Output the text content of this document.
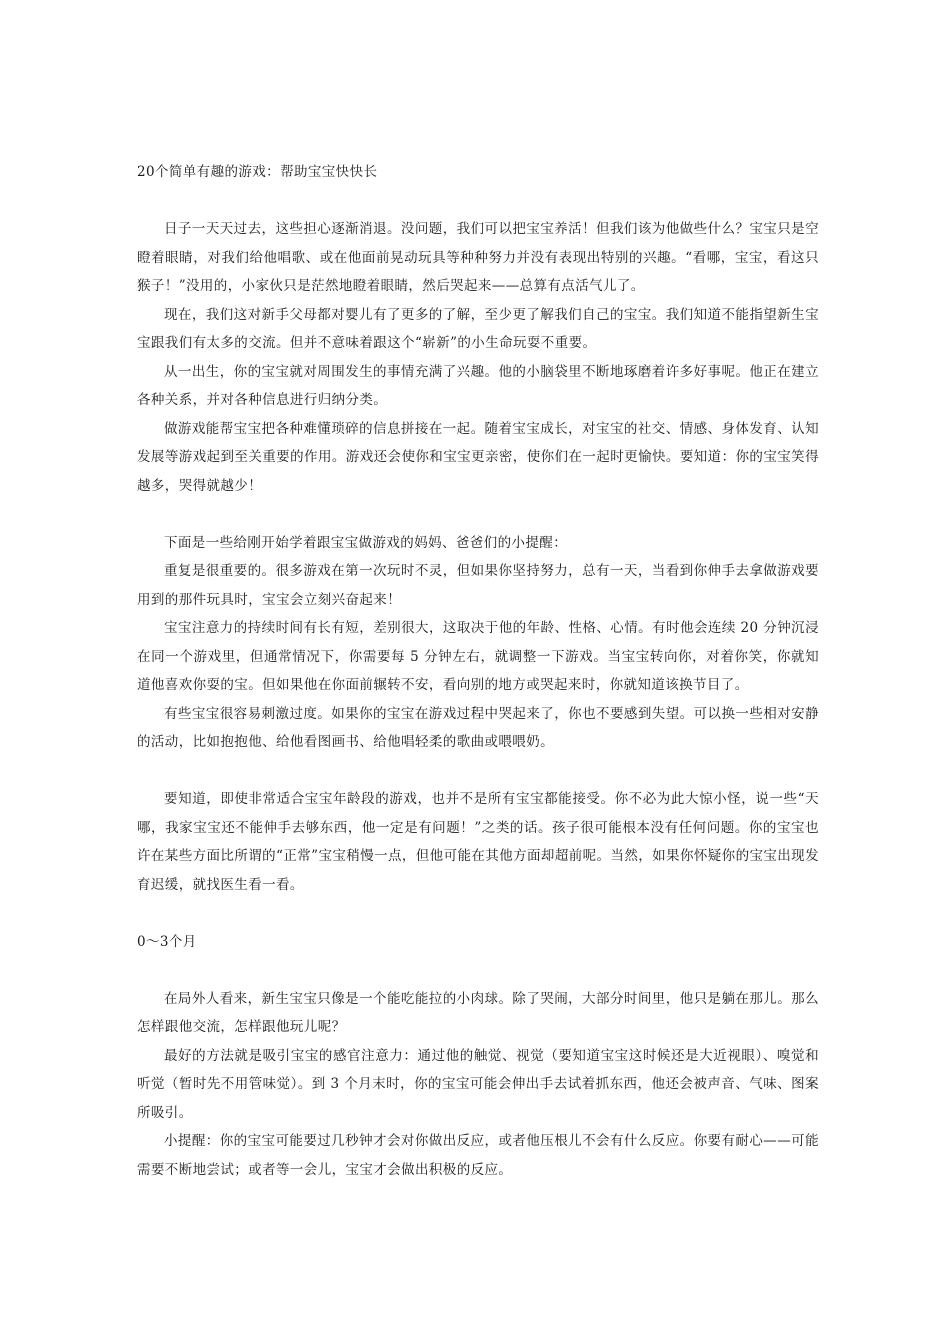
20个简单有趣的游戏：帮助宝宝快快长

日子一天天过去，这些担心逐渐消退。没问题，我们可以把宝宝养活！但我们该为他做些什么？宝宝只是空瞪着眼睛，对我们给他唱歌、或在他面前晃动玩具等种种努力并没有表现出特别的兴趣。“看哪，宝宝，看这只猴子！”没用的，小家伙只是茫然地瞪着眼睛，然后哭起来——总算有点活气儿了。

现在，我们这对新手父母都对婴儿有了更多的了解，至少更了解我们自己的宝宝。我们知道不能指望新生宝宝跟我们有太多的交流。但并不意味着跟这个“崭新”的小生命玩耍不重要。

从一出生，你的宝宝就对周围发生的事情充满了兴趣。他的小脑袋里不断地琢磨着许多好事呢。他正在建立各种关系，并对各种信息进行归纳分类。

做游戏能帮宝宝把各种难懂琐碎的信息拼接在一起。随着宝宝成长，对宝宝的社交、情感、身体发育、认知发展等游戏起到至关重要的作用。游戏还会使你和宝宝更亲密，使你们在一起时更愉快。要知道：你的宝宝笑得越多，哭得就越少！

下面是一些给刚开始学着跟宝宝做游戏的妈妈、爸爸们的小提醒：

重复是很重要的。很多游戏在第一次玩时不灵，但如果你坚持努力，总有一天，当看到你伸手去拿做游戏要用到的那件玩具时，宝宝会立刻兴奋起来！

宝宝注意力的持续时间有长有短，差别很大，这取决于他的年龄、性格、心情。有时他会连续 20 分钟沉浸在同一个游戏里，但通常情况下，你需要每 5 分钟左右，就调整一下游戏。当宝宝转向你，对着你笑，你就知道他喜欢你耍的宝。但如果他在你面前辗转不安，看向别的地方或哭起来时，你就知道该换节目了。

有些宝宝很容易刺激过度。如果你的宝宝在游戏过程中哭起来了，你也不要感到失望。可以换一些相对安静的活动，比如抱抱他、给他看图画书、给他唱轻柔的歌曲或喂喂奶。

要知道，即使非常适合宝宝年龄段的游戏，也并不是所有宝宝都能接受。你不必为此大惊小怪，说一些“天哪，我家宝宝还不能伸手去够东西，他一定是有问题！”之类的话。孩子很可能根本没有任何问题。你的宝宝也许在某些方面比所谓的“正常”宝宝稍慢一点，但他可能在其他方面却超前呢。当然，如果你怀疑你的宝宝出现发育迟缓，就找医生看一看。

0～3个月

在局外人看来，新生宝宝只像是一个能吃能拉的小肉球。除了哭闹，大部分时间里，他只是躺在那儿。那么怎样跟他交流，怎样跟他玩儿呢？

最好的方法就是吸引宝宝的感官注意力：通过他的触觉、视觉（要知道宝宝这时候还是大近视眼）、嗅觉和听觉（暂时先不用管味觉）。到 3 个月末时，你的宝宝可能会伸出手去试着抓东西，他还会被声音、气味、图案所吸引。

小提醒：你的宝宝可能要过几秒钟才会对你做出反应，或者他压根儿不会有什么反应。你要有耐心——可能需要不断地尝试；或者等一会儿，宝宝才会做出积极的反应。
